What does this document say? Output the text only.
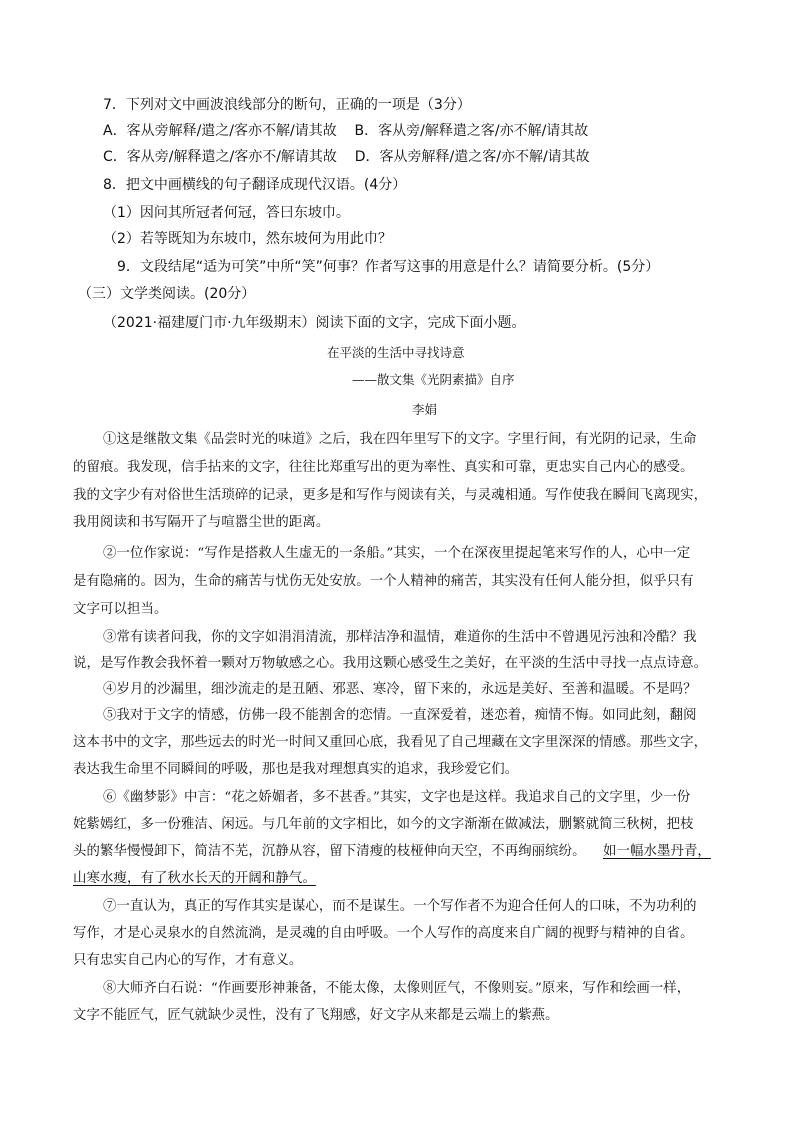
7．下列对文中画波浪线部分的断句，正确的一项是（3分）
A．客从旁解释/遣之/客亦不解/请其故    B．客从旁/解释遣之客/亦不解/请其故
C．客从旁/解释遣之/客亦不/解请其故    D．客从旁解释/遣之客/亦不解/请其故
8．把文中画横线的句子翻译成现代汉语。(4分）
（1）因问其所冠者何冠，答曰东坡巾。
（2）若等既知为东坡巾，然东坡何为用此巾？
9．文段结尾“适为可笑”中所“笑”何事？作者写这事的用意是什么？请简要分析。(5分）
（三）文学类阅读。(20分）
（2021·福建厦门市·九年级期末）阅读下面的文字，完成下面小题。
在平淡的生活中寻找诗意
——散文集《光阴素描》自序
李娟
①这是继散文集《品尝时光的味道》之后，我在四年里写下的文字。字里行间，有光阴的记录，生命
的留痕。我发现，信手拈来的文字，往往比郑重写出的更为率性、真实和可靠，更忠实自己内心的感受。
我的文字少有对俗世生活琐碎的记录，更多是和写作与阅读有关，与灵魂相通。写作使我在瞬间飞离现实，
我用阅读和书写隔开了与喧嚣尘世的距离。
②一位作家说：“写作是搭救人生虚无的一条船。”其实，一个在深夜里提起笔来写作的人，心中一定
是有隐痛的。因为，生命的痛苦与忧伤无处安放。一个人精神的痛苦，其实没有任何人能分担，似乎只有
文字可以担当。
③常有读者问我，你的文字如涓涓清流，那样洁净和温情，难道你的生活中不曾遇见污浊和冷酷？我
说，是写作教会我怀着一颗对万物敏感之心。我用这颗心感受生之美好，在平淡的生活中寻找一点点诗意。
④岁月的沙漏里，细沙流走的是丑陋、邪恶、寒冷，留下来的，永远是美好、至善和温暖。不是吗？
⑤我对于文字的情感，仿佛一段不能割舍的恋情。一直深爱着，迷恋着，痴情不悔。如同此刻，翻阅
这本书中的文字，那些远去的时光一时间又重回心底，我看见了自己埋藏在文字里深深的情感。那些文字，
表达我生命里不同瞬间的呼吸，那也是我对理想真实的追求，我珍爱它们。
⑥《幽梦影》中言：“花之娇媚者，多不甚香。”其实，文字也是这样。我追求自己的文字里，少一份
姹紫嫣红，多一份雅洁、闲远。与几年前的文字相比，如今的文字渐渐在做减法，删繁就简三秋树，把枝
头的繁华慢慢卸下，简洁不芜，沉静从容，留下清瘦的枝桠伸向天空，不再绚丽缤纷。 如一幅水墨丹青，
山寒水瘦，有了秋水长天的开阔和静气。
⑦一直认为，真正的写作其实是谋心，而不是谋生。一个写作者不为迎合任何人的口味，不为功利的
写作，才是心灵泉水的自然流淌，是灵魂的自由呼吸。一个人写作的高度来自广阔的视野与精神的自省。
只有忠实自己内心的写作，才有意义。
⑧大师齐白石说：“作画要形神兼备，不能太像，太像则匠气，不像则妄。”原来，写作和绘画一样，
文字不能匠气，匠气就缺少灵性，没有了飞翔感，好文字从来都是云端上的紫燕。
